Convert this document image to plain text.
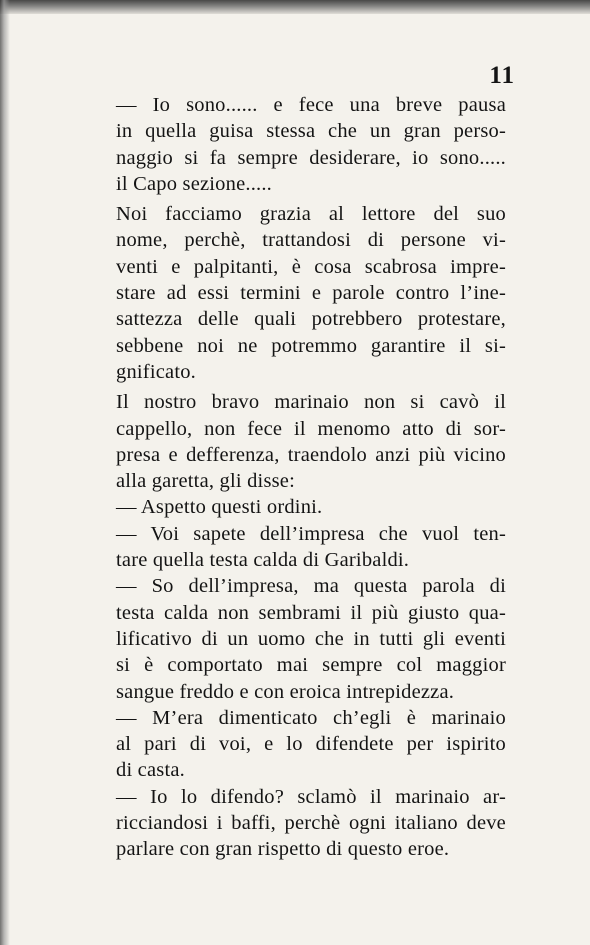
11
— Io sono...... e fece una breve pausa
in quella guisa stessa che un gran perso-
naggio si fa sempre desiderare, io sono.....
il Capo sezione.....
Noi facciamo grazia al lettore del suo
nome, perchè, trattandosi di persone vi-
venti e palpitanti, è cosa scabrosa impre-
stare ad essi termini e parole contro l’ine-
sattezza delle quali potrebbero protestare,
sebbene noi ne potremmo garantire il si-
gnificato.
Il nostro bravo marinaio non si cavò il
cappello, non fece il menomo atto di sor-
presa e defferenza, traendolo anzi più vicino
alla garetta, gli disse:
— Aspetto questi ordini.
— Voi sapete dell’impresa che vuol ten-
tare quella testa calda di Garibaldi.
— So dell’impresa, ma questa parola di
testa calda non sembrami il più giusto qua-
lificativo di un uomo che in tutti gli eventi
si è comportato mai sempre col maggior
sangue freddo e con eroica intrepidezza.
— M’era dimenticato ch’egli è marinaio
al pari di voi, e lo difendete per ispirito
di casta.
— Io lo difendo? sclamò il marinaio ar-
ricciandosi i baffi, perchè ogni italiano deve
parlare con gran rispetto di questo eroe.
